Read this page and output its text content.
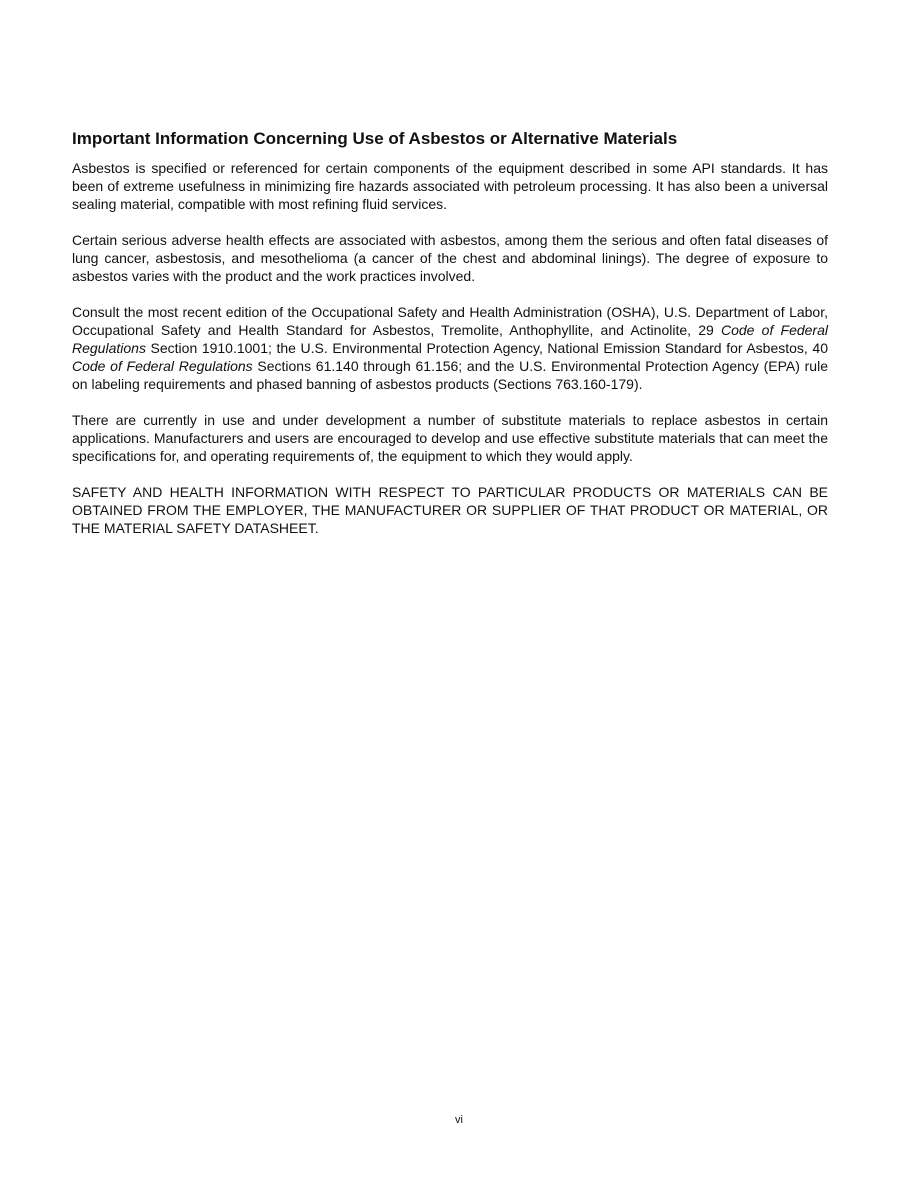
Important Information Concerning Use of Asbestos or Alternative Materials

Asbestos is specified or referenced for certain components of the equipment described in some API standards. It has been of extreme usefulness in minimizing fire hazards associated with petroleum processing. It has also been a universal sealing material, compatible with most refining fluid services.

Certain serious adverse health effects are associated with asbestos, among them the serious and often fatal diseases of lung cancer, asbestosis, and mesothelioma (a cancer of the chest and abdominal linings). The degree of exposure to asbestos varies with the product and the work practices involved.

Consult the most recent edition of the Occupational Safety and Health Administration (OSHA), U.S. Department of Labor, Occupational Safety and Health Standard for Asbestos, Tremolite, Anthophyllite, and Actinolite, 29 Code of Federal Regulations Section 1910.1001; the U.S. Environmental Protection Agency, National Emission Standard for Asbestos, 40 Code of Federal Regulations Sections 61.140 through 61.156; and the U.S. Environmental Protection Agency (EPA) rule on labeling requirements and phased banning of asbestos products (Sections 763.160-179).

There are currently in use and under development a number of substitute materials to replace asbestos in certain applications. Manufacturers and users are encouraged to develop and use effective substitute materials that can meet the specifications for, and operating requirements of, the equipment to which they would apply.

SAFETY AND HEALTH INFORMATION WITH RESPECT TO PARTICULAR PRODUCTS OR MATERIALS CAN BE OBTAINED FROM THE EMPLOYER, THE MANUFACTURER OR SUPPLIER OF THAT PRODUCT OR MATERIAL, OR THE MATERIAL SAFETY DATASHEET.

vi
